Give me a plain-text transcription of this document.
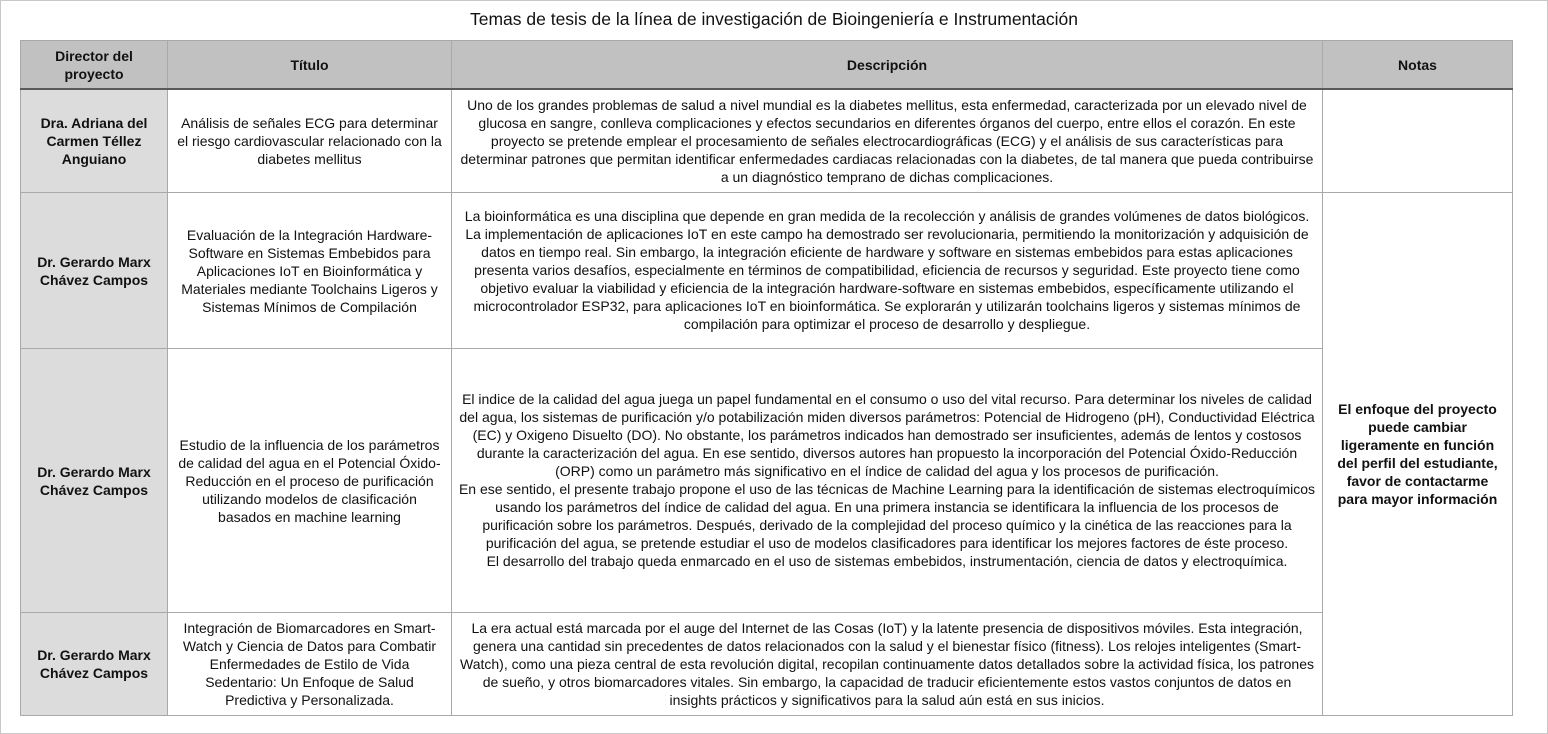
Temas de tesis de la línea de investigación de Bioingeniería e Instrumentación
Director del proyecto	Título	Descripción	Notas
Dra. Adriana del Carmen Téllez Anguiano	Análisis de señales ECG para determinar el riesgo cardiovascular relacionado con la diabetes mellitus	Uno de los grandes problemas de salud a nivel mundial es la diabetes mellitus, esta enfermedad, caracterizada por un elevado nivel de glucosa en sangre, conlleva complicaciones y efectos secundarios en diferentes órganos del cuerpo, entre ellos el corazón. En este proyecto se pretende emplear el procesamiento de señales electrocardiográficas (ECG) y el análisis de sus características para determinar patrones que permitan identificar enfermedades cardiacas relacionadas con la diabetes, de tal manera que pueda contribuirse a un diagnóstico temprano de dichas complicaciones.	

Dr. Gerardo Marx Chávez Campos	Evaluación de la Integración Hardware-Software en Sistemas Embebidos para Aplicaciones IoT en Bioinformática y Materiales mediante Toolchains Ligeros y Sistemas Mínimos de Compilación	La bioinformática es una disciplina que depende en gran medida de la recolección y análisis de grandes volúmenes de datos biológicos. La implementación de aplicaciones IoT en este campo ha demostrado ser revolucionaria, permitiendo la monitorización y adquisición de datos en tiempo real. Sin embargo, la integración eficiente de hardware y software en sistemas embebidos para estas aplicaciones presenta varios desafíos, especialmente en términos de compatibilidad, eficiencia de recursos y seguridad. Este proyecto tiene como objetivo evaluar la viabilidad y eficiencia de la integración hardware-software en sistemas embebidos, específicamente utilizando el microcontrolador ESP32, para aplicaciones IoT en bioinformática. Se explorarán y utilizarán toolchains ligeros y sistemas mínimos de compilación para optimizar el proceso de desarrollo y despliegue.	El enfoque del proyecto puede cambiar ligeramente en función del perfil del estudiante, favor de contactarme para mayor información
Dr. Gerardo Marx Chávez Campos	Estudio de la influencia de los parámetros de calidad del agua en el Potencial Óxido-Reducción en el proceso de purificación utilizando modelos de clasificación basados en machine learning	El indice de la calidad del agua juega un papel fundamental en el consumo o uso del vital recurso. Para determinar los niveles de calidad del agua, los sistemas de purificación y/o potabilización miden diversos parámetros: Potencial de Hidrogeno (pH), Conductividad Eléctrica (EC) y Oxigeno Disuelto (DO). No obstante, los parámetros indicados han demostrado ser insuficientes, además de lentos y costosos durante la caracterización del agua. En ese sentido, diversos autores han propuesto la incorporación del Potencial Óxido-Reducción (ORP) como un parámetro más significativo en el índice de calidad del agua y los procesos de purificación.

En ese sentido, el presente trabajo propone el uso de las técnicas de Machine Learning para la identificación de sistemas electroquímicos usando los parámetros del índice de calidad del agua. En una primera instancia se identificara la influencia de los procesos de purificación sobre los parámetros. Después, derivado de la complejidad del proceso químico y la cinética de las reacciones para la purificación del agua, se pretende estudiar el uso de modelos clasificadores para identificar los mejores factores de éste proceso.

El desarrollo del trabajo queda enmarcado en el uso de sistemas embebidos, instrumentación, ciencia de datos y electroquímica.	

Dr. Gerardo Marx Chávez Campos	Integración de Biomarcadores en Smart-Watch y Ciencia de Datos para Combatir Enfermedades de Estilo de Vida Sedentario: Un Enfoque de Salud Predictiva y Personalizada.	La era actual está marcada por el auge del Internet de las Cosas (IoT) y la latente presencia de dispositivos móviles. Esta integración, genera una cantidad sin precedentes de datos relacionados con la salud y el bienestar físico (fitness). Los relojes inteligentes (Smart-Watch), como una pieza central de esta revolución digital, recopilan continuamente datos detallados sobre la actividad física, los patrones de sueño, y otros biomarcadores vitales. Sin embargo, la capacidad de traducir eficientemente estos vastos conjuntos de datos en insights prácticos y significativos para la salud aún está en sus inicios.	
